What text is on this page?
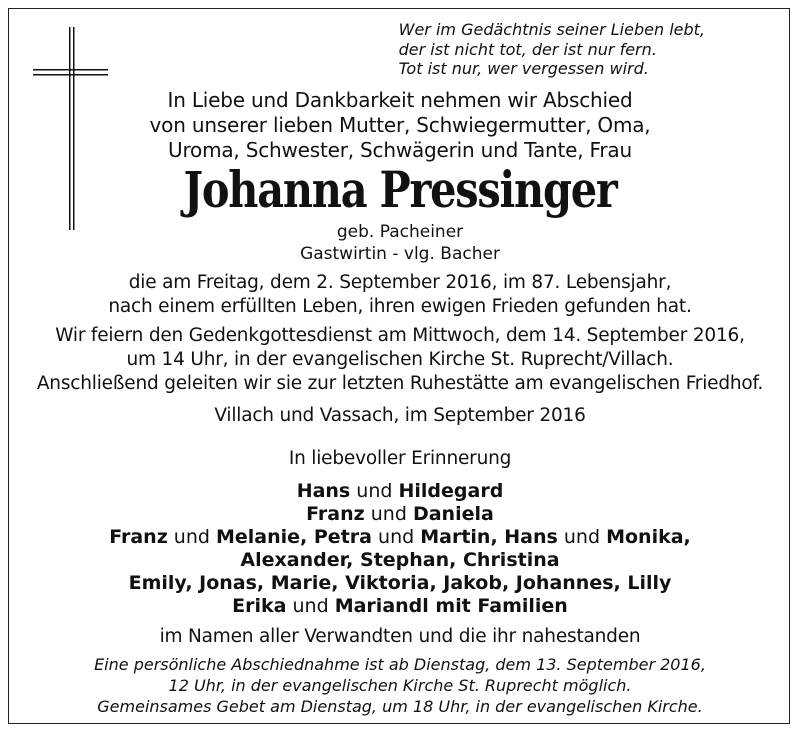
Wer im Gedächtnis seiner Lieben lebt,
der ist nicht tot, der ist nur fern.
Tot ist nur, wer vergessen wird.
In Liebe und Dankbarkeit nehmen wir Abschied
von unserer lieben Mutter, Schwiegermutter, Oma,
Uroma, Schwester, Schwägerin und Tante, Frau
Johanna Pressinger
geb. Pacheiner
Gastwirtin - vlg. Bacher
die am Freitag, dem 2. September 2016, im 87. Lebensjahr,
nach einem erfüllten Leben, ihren ewigen Frieden gefunden hat.
Wir feiern den Gedenkgottesdienst am Mittwoch, dem 14. September 2016,
um 14 Uhr, in der evangelischen Kirche St. Ruprecht/Villach.
Anschließend geleiten wir sie zur letzten Ruhestätte am evangelischen Friedhof.
Villach und Vassach, im September 2016
In liebevoller Erinnerung
Hans und Hildegard
Franz und Daniela
Franz und Melanie, Petra und Martin, Hans und Monika,
Alexander, Stephan, Christina
Emily, Jonas, Marie, Viktoria, Jakob, Johannes, Lilly
Erika und Mariandl mit Familien
im Namen aller Verwandten und die ihr nahestanden
Eine persönliche Abschiednahme ist ab Dienstag, dem 13. September 2016,
12 Uhr, in der evangelischen Kirche St. Ruprecht möglich.
Gemeinsames Gebet am Dienstag, um 18 Uhr, in der evangelischen Kirche.
